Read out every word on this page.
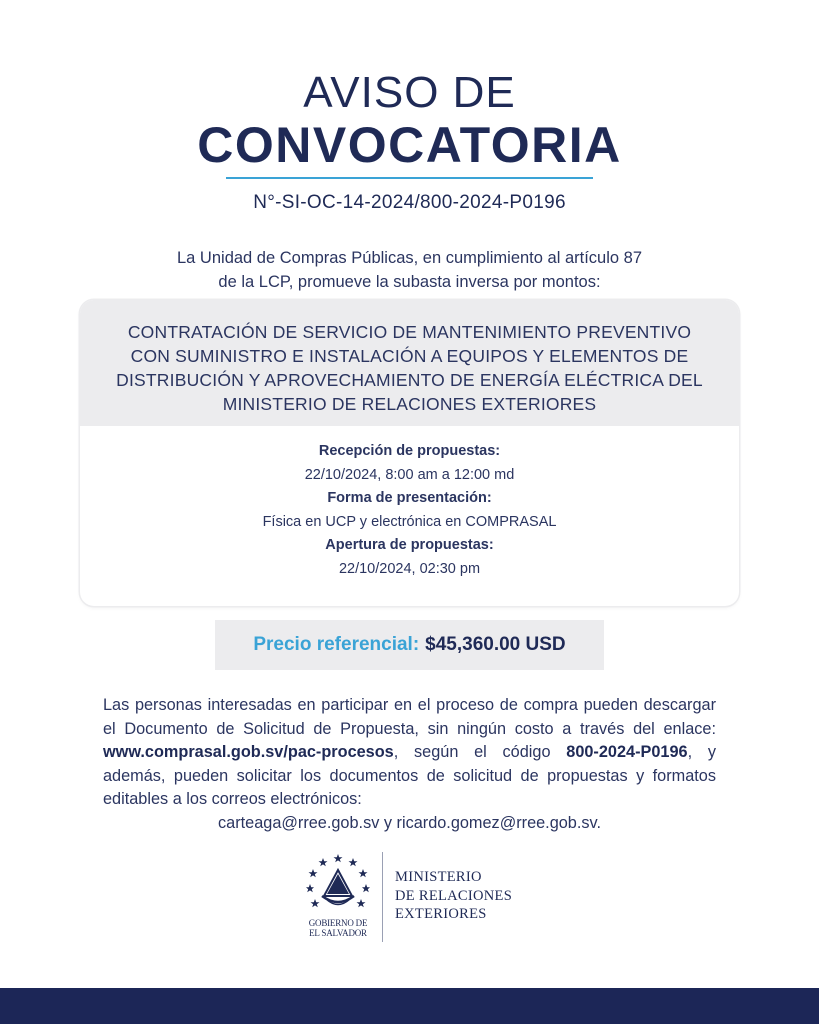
AVISO DE
CONVOCATORIA
N°-SI-OC-14-2024/800-2024-P0196
La Unidad de Compras Públicas, en cumplimiento al artículo 87
de la LCP, promueve la subasta inversa por montos:
CONTRATACIÓN DE SERVICIO DE MANTENIMIENTO PREVENTIVO
CON SUMINISTRO E INSTALACIÓN A EQUIPOS Y ELEMENTOS DE
DISTRIBUCIÓN Y APROVECHAMIENTO DE ENERGÍA ELÉCTRICA DEL
MINISTERIO DE RELACIONES EXTERIORES
Recepción de propuestas:
22/10/2024, 8:00 am a 12:00 md
Forma de presentación:
Física en UCP y electrónica en COMPRASAL
Apertura de propuestas:
22/10/2024, 02:30 pm
Precio referencial: $45,360.00 USD
Las personas interesadas en participar en el proceso de compra pueden descargar el Documento de Solicitud de Propuesta, sin ningún costo a través del enlace: www.comprasal.gob.sv/pac-procesos, según el código 800-2024-P0196, y además, pueden solicitar los documentos de solicitud de propuestas y formatos editables a los correos electrónicos:
carteaga@rree.gob.sv y ricardo.gomez@rree.gob.sv.
GOBIERNO DE
EL SALVADOR
MINISTERIO
DE RELACIONES
EXTERIORES
